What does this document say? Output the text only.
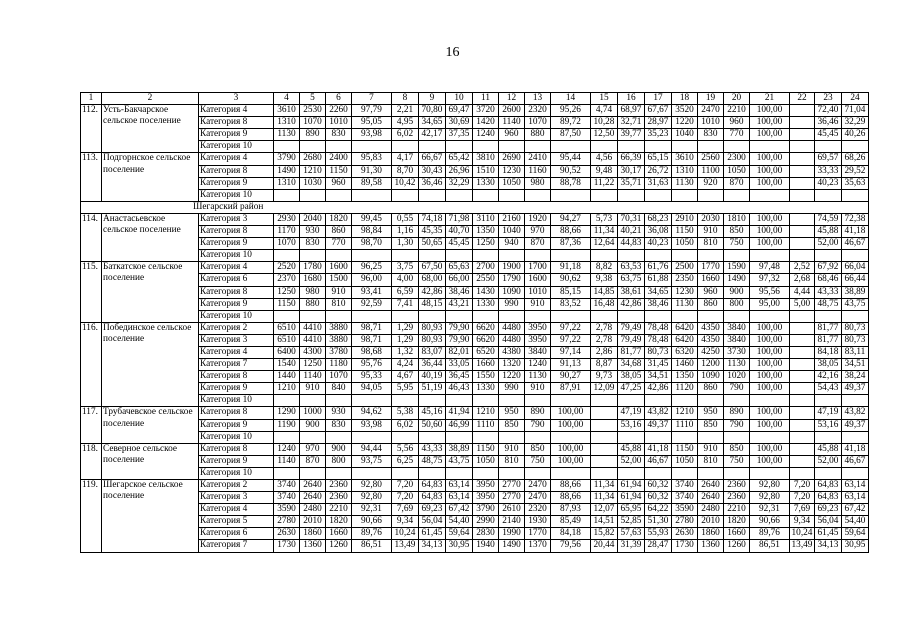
16
1	2	3	4	5	6	7	8	9	10	11	12	13	14	15	16	17	18	19	20	21	22	23	24
112.	Усть-Бакчарское сельское поселение	Категория 4	3610	2530	2260	97,79	2,21	70,80	69,47	3720	2600	2320	95,26	4,74	68,97	67,67	3520	2470	2210	100,00		72,40	71,04
		Категория 8	1310	1070	1010	95,05	4,95	34,65	30,69	1420	1140	1070	89,72	10,28	32,71	28,97	1220	1010	960	100,00		36,46	32,29
		Категория 9	1130	890	830	93,98	6,02	42,17	37,35	1240	960	880	87,50	12,50	39,77	35,23	1040	830	770	100,00		45,45	40,26
		Категория 10																					
113.	Подгорнское сельское поселение	Категория 4	3790	2680	2400	95,83	4,17	66,67	65,42	3810	2690	2410	95,44	4,56	66,39	65,15	3610	2560	2300	100,00		69,57	68,26
		Категория 8	1490	1210	1150	91,30	8,70	30,43	26,96	1510	1230	1160	90,52	9,48	30,17	26,72	1310	1100	1050	100,00		33,33	29,52
		Категория 9	1310	1030	960	89,58	10,42	36,46	32,29	1330	1050	980	88,78	11,22	35,71	31,63	1130	920	870	100,00		40,23	35,63
		Категория 10																					
Шегарский район																							
114.	Анастасьевское сельское поселение	Категория 3	2930	2040	1820	99,45	0,55	74,18	71,98	3110	2160	1920	94,27	5,73	70,31	68,23	2910	2030	1810	100,00		74,59	72,38
		Категория 8	1170	930	860	98,84	1,16	45,35	40,70	1350	1040	970	88,66	11,34	40,21	36,08	1150	910	850	100,00		45,88	41,18
		Категория 9	1070	830	770	98,70	1,30	50,65	45,45	1250	940	870	87,36	12,64	44,83	40,23	1050	810	750	100,00		52,00	46,67
		Категория 10																					
115.	Баткатское сельское поселение	Категория 4	2520	1780	1600	96,25	3,75	67,50	65,63	2700	1900	1700	91,18	8,82	63,53	61,76	2500	1770	1590	97,48	2,52	67,92	66,04
		Категория 6	2370	1680	1500	96,00	4,00	68,00	66,00	2550	1790	1600	90,62	9,38	63,75	61,88	2350	1660	1490	97,32	2,68	68,46	66,44
		Категория 8	1250	980	910	93,41	6,59	42,86	38,46	1430	1090	1010	85,15	14,85	38,61	34,65	1230	960	900	95,56	4,44	43,33	38,89
		Категория 9	1150	880	810	92,59	7,41	48,15	43,21	1330	990	910	83,52	16,48	42,86	38,46	1130	860	800	95,00	5,00	48,75	43,75
		Категория 10																					
116.	Побединское сельское поселение	Категория 2	6510	4410	3880	98,71	1,29	80,93	79,90	6620	4480	3950	97,22	2,78	79,49	78,48	6420	4350	3840	100,00		81,77	80,73
		Категория 3	6510	4410	3880	98,71	1,29	80,93	79,90	6620	4480	3950	97,22	2,78	79,49	78,48	6420	4350	3840	100,00		81,77	80,73
		Категория 4	6400	4300	3780	98,68	1,32	83,07	82,01	6520	4380	3840	97,14	2,86	81,77	80,73	6320	4250	3730	100,00		84,18	83,11
		Категория 7	1540	1250	1180	95,76	4,24	36,44	33,05	1660	1320	1240	91,13	8,87	34,68	31,45	1460	1200	1130	100,00		38,05	34,51
		Категория 8	1440	1140	1070	95,33	4,67	40,19	36,45	1550	1220	1130	90,27	9,73	38,05	34,51	1350	1090	1020	100,00		42,16	38,24
		Категория 9	1210	910	840	94,05	5,95	51,19	46,43	1330	990	910	87,91	12,09	47,25	42,86	1120	860	790	100,00		54,43	49,37
		Категория 10																					
117.	Трубачевское сельское поселение	Категория 8	1290	1000	930	94,62	5,38	45,16	41,94	1210	950	890	100,00		47,19	43,82	1210	950	890	100,00		47,19	43,82
		Категория 9	1190	900	830	93,98	6,02	50,60	46,99	1110	850	790	100,00		53,16	49,37	1110	850	790	100,00		53,16	49,37
		Категория 10																					
118.	Северное сельское поселение	Категория 8	1240	970	900	94,44	5,56	43,33	38,89	1150	910	850	100,00		45,88	41,18	1150	910	850	100,00		45,88	41,18
		Категория 9	1140	870	800	93,75	6,25	48,75	43,75	1050	810	750	100,00		52,00	46,67	1050	810	750	100,00		52,00	46,67
		Категория 10																					
119.	Шегарское сельское поселение	Категория 2	3740	2640	2360	92,80	7,20	64,83	63,14	3950	2770	2470	88,66	11,34	61,94	60,32	3740	2640	2360	92,80	7,20	64,83	63,14
		Категория 3	3740	2640	2360	92,80	7,20	64,83	63,14	3950	2770	2470	88,66	11,34	61,94	60,32	3740	2640	2360	92,80	7,20	64,83	63,14
		Категория 4	3590	2480	2210	92,31	7,69	69,23	67,42	3790	2610	2320	87,93	12,07	65,95	64,22	3590	2480	2210	92,31	7,69	69,23	67,42
		Категория 5	2780	2010	1820	90,66	9,34	56,04	54,40	2990	2140	1930	85,49	14,51	52,85	51,30	2780	2010	1820	90,66	9,34	56,04	54,40
		Категория 6	2630	1860	1660	89,76	10,24	61,45	59,64	2830	1990	1770	84,18	15,82	57,63	55,93	2630	1860	1660	89,76	10,24	61,45	59,64
		Категория 7	1730	1360	1260	86,51	13,49	34,13	30,95	1940	1490	1370	79,56	20,44	31,39	28,47	1730	1360	1260	86,51	13,49	34,13	30,95
